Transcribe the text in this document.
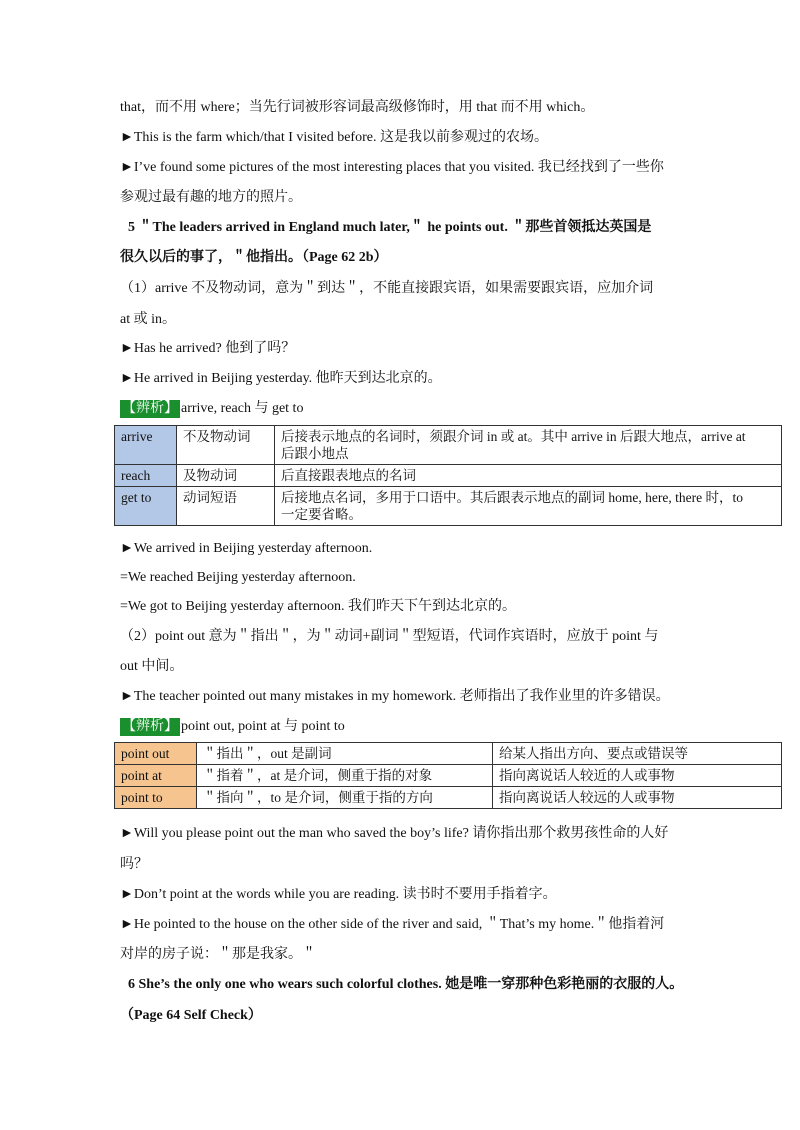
that，而不用 where；当先行词被形容词最高级修饰时，用 that 而不用 which。
►This is the farm which/that I visited before. 这是我以前参观过的农场。
►I’ve found some pictures of the most interesting places that you visited. 我已经找到了一些你
参观过最有趣的地方的照片。
5 ＂The leaders arrived in England much later,＂ he points out. ＂那些首领抵达英国是
很久以后的事了，＂他指出。（Page 62 2b）
（1）arrive 不及物动词，意为＂到达＂，不能直接跟宾语，如果需要跟宾语，应加介词
at 或 in。
►Has he arrived? 他到了吗？
►He arrived in Beijing yesterday. 他昨天到达北京的。
【辨析】 arrive, reach 与 get to
arrive	不及物动词	后接表示地点的名词时，须跟介词 in 或 at。其中 arrive in 后跟大地点，arrive at
后跟小地点

reach	及物动词	后直接跟表地点的名词
get to	动词短语	后接地点名词，多用于口语中。其后跟表示地点的副词 home, here, there 时，to
一定要省略。
►We arrived in Beijing yesterday afternoon.
=We reached Beijing yesterday afternoon.
=We got to Beijing yesterday afternoon. 我们昨天下午到达北京的。
（2）point out 意为＂指出＂，为＂动词+副词＂型短语，代词作宾语时，应放于 point 与
out 中间。
►The teacher pointed out many mistakes in my homework. 老师指出了我作业里的许多错误。
【辨析】 point out, point at 与 point to
point out	＂指出＂，out 是副词	给某人指出方向、要点或错误等
point at	＂指着＂，at 是介词，侧重于指的对象	指向离说话人较近的人或事物
point to	＂指向＂，to 是介词，侧重于指的方向	指向离说话人较远的人或事物
►Will you please point out the man who saved the boy’s life? 请你指出那个救男孩性命的人好
吗？
►Don’t point at the words while you are reading. 读书时不要用手指着字。
►He pointed to the house on the other side of the river and said, ＂That’s my home.＂他指着河
对岸的房子说：＂那是我家。＂
6 She’s the only one who wears such colorful clothes. 她是唯一穿那种色彩艳丽的衣服的人。
（Page 64 Self Check）
